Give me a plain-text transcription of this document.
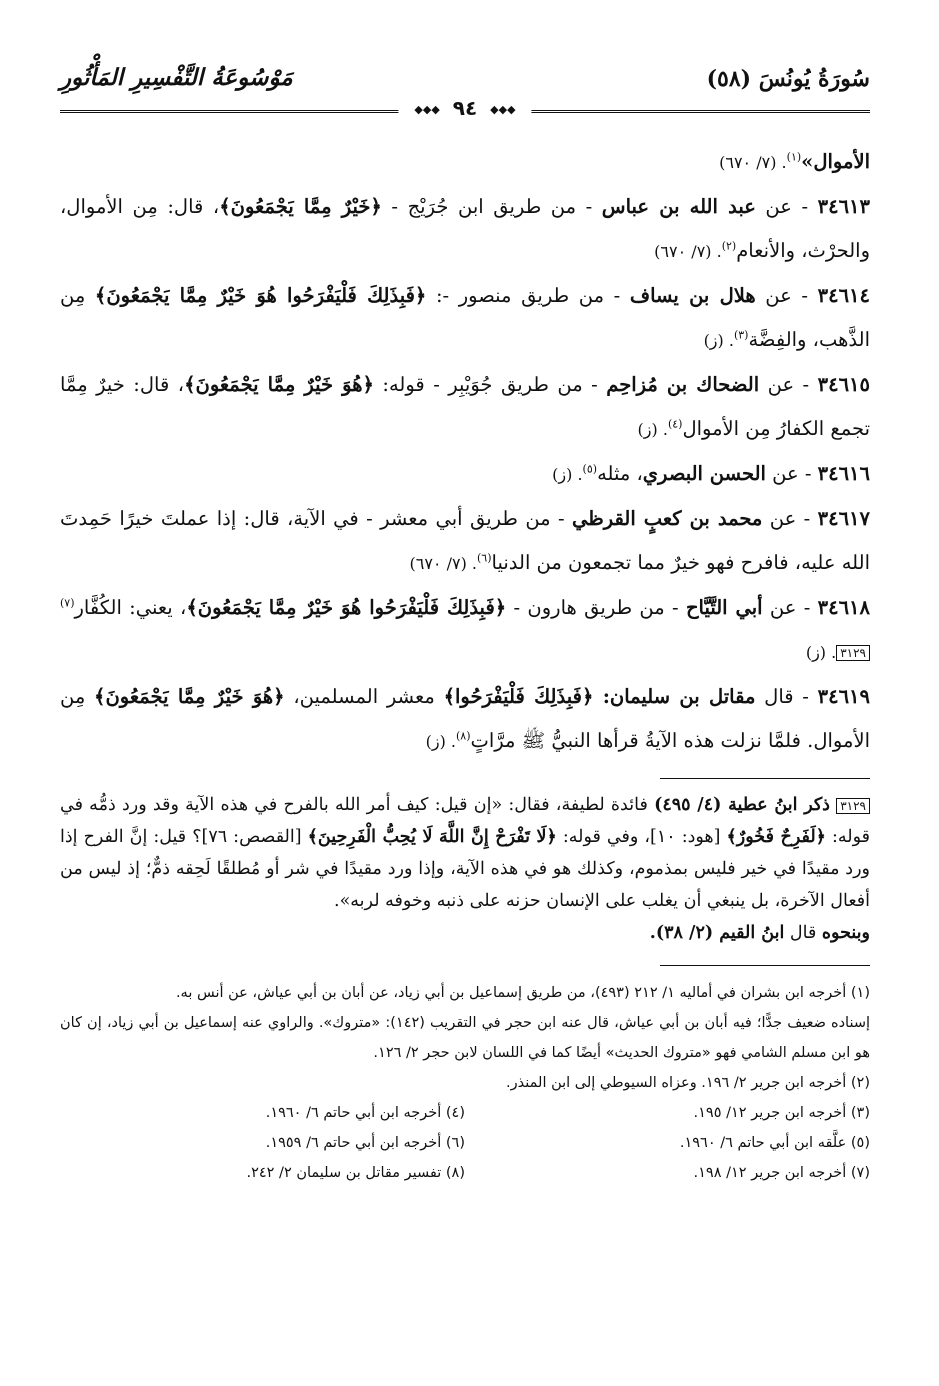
سُورَةُ يُونُسَ (٥٨)
مَوْسُوعَةُ التَّفْسِيرِ المَأْثُورِ
◆◆◆ ٩٤ ◆◆◆

الأموال»$^{(١)}$. (٧/ ٦٧٠)

٣٤٦١٣ - عن عبد الله بن عباس - من طريق ابن جُرَيْج - ﴿خَيْرٌ مِمَّا يَجْمَعُونَ﴾، قال: مِن الأموال، والحرْث، والأنعام$^{(٢)}$. (٧/ ٦٧٠)

٣٤٦١٤ - عن هلال بن يساف - من طريق منصور -: ﴿فَبِذَلِكَ فَلْيَفْرَحُوا هُوَ خَيْرٌ مِمَّا يَجْمَعُونَ﴾ مِن الذَّهب، والفِضَّة$^{(٣)}$. (ز)

٣٤٦١٥ - عن الضحاك بن مُزاحِم - من طريق جُوَيْبِر - قوله: ﴿هُوَ خَيْرٌ مِمَّا يَجْمَعُونَ﴾، قال: خيرٌ مِمَّا تجمع الكفارُ مِن الأموال$^{(٤)}$. (ز)

٣٤٦١٦ - عن الحسن البصري، مثله$^{(٥)}$. (ز)

٣٤٦١٧ - عن محمد بن كعبٍ القرظي - من طريق أبي معشر - في الآية، قال: إذا عملتَ خيرًا حَمِدتَ الله عليه، فافرح فهو خيرٌ مما تجمعون من الدنيا$^{(٦)}$. (٧/ ٦٧٠)

٣٤٦١٨ - عن أبي التَّيَّاح - من طريق هارون - ﴿فَبِذَلِكَ فَلْيَفْرَحُوا هُوَ خَيْرٌ مِمَّا يَجْمَعُونَ﴾، يعني: الكُفَّار$^{(٧)}$٣١٢٩. (ز)

٣٤٦١٩ - قال مقاتل بن سليمان: ﴿فَبِذَلِكَ فَلْيَفْرَحُوا﴾ معشر المسلمين، ﴿هُوَ خَيْرٌ مِمَّا يَجْمَعُونَ﴾ مِن الأموال. فلمَّا نزلت هذه الآيةُ قرأها النبيُّ ﷺ مرَّاتٍ$^{(٨)}$. (ز)

٣١٢٩ ذكر ابنُ عطية (٤/ ٤٩٥) فائدة لطيفة، فقال: «إن قيل: كيف أمر الله بالفرح في هذه الآية وقد ورد ذمُّه في قوله: ﴿لَفَرِحٌ فَخُورٌ﴾ [هود: ١٠]، وفي قوله: ﴿لَا تَفْرَحْ إِنَّ اللَّهَ لَا يُحِبُّ الْفَرِحِينَ﴾ [القصص: ٧٦]؟ قيل: إنَّ الفرح إذا ورد مقيدًا في خير فليس بمذموم، وكذلك هو في هذه الآية، وإذا ورد مقيدًا في شر أو مُطلقًا لَحِقه ذمٌّ؛ إذ ليس من أفعال الآخرة، بل ينبغي أن يغلب على الإنسان حزنه على ذنبه وخوفه لربه».

وبنحوه قال ابنُ القيم (٢/ ٣٨).

(١) أخرجه ابن بشران في أماليه ١/ ٢١٢ (٤٩٣)، من طريق إسماعيل بن أبي زياد، عن أبان بن أبي عياش، عن أنس به.

إسناده ضعيف جدًّا؛ فيه أبان بن أبي عياش، قال عنه ابن حجر في التقريب (١٤٢): «متروك». والراوي عنه إسماعيل بن أبي زياد، إن كان هو ابن مسلم الشامي فهو «متروك الحديث» أيضًا كما في اللسان لابن حجر ٢/ ١٢٦.

(٢) أخرجه ابن جرير ٢/ ١٩٦. وعزاه السيوطي إلى ابن المنذر.

(٣) أخرجه ابن جرير ١٢/ ١٩٥.
(٤) أخرجه ابن أبي حاتم ٦/ ١٩٦٠.
(٥) علَّقه ابن أبي حاتم ٦/ ١٩٦٠.
(٦) أخرجه ابن أبي حاتم ٦/ ١٩٥٩.
(٧) أخرجه ابن جرير ١٢/ ١٩٨.
(٨) تفسير مقاتل بن سليمان ٢/ ٢٤٢.
